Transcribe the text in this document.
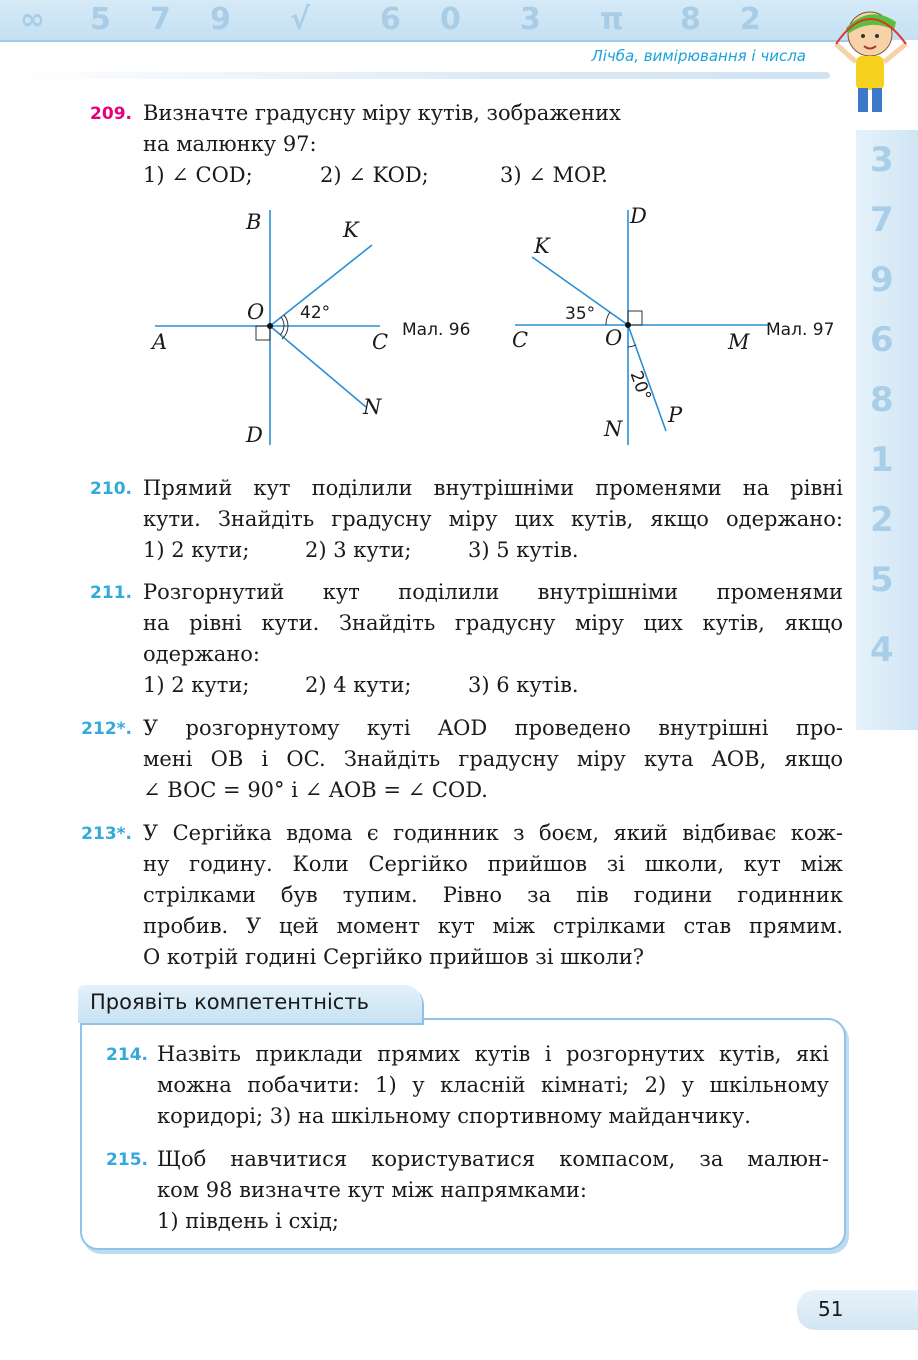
∞ 5 7 9 √ 6 0 3 π 8 2
Лічба, вимірювання і числа
3
7
9
6
8
1
2
5
4
209. Визначте градусну міру кутів, зображених
на малюнку 97:
1) ∠ COD;	2) ∠ KOD;	3) ∠ MOP.
B	K
O 42°
A	C Мал. 96
N
D
D
K
35°
C	O	M Мал. 97
20°
P
N
210. Прямий кут поділили внутрішніми променями на рівні
кути. Знайдіть градусну міру цих кутів, якщо одержано:
1) 2 кути;	2) 3 кути;	3) 5 кутів.
211. Розгорнутий кут поділили внутрішніми променями
на рівні кути. Знайдіть градусну міру цих кутів, якщо
одержано:
1) 2 кути;	2) 4 кути;	3) 6 кутів.
212*. У розгорнутому куті AOD проведено внутрішні про-
мені OB і OC. Знайдіть градусну міру кута AOB, якщо
∠ BOC = 90° і ∠ AOB = ∠ COD.
213*. У Сергійка вдома є годинник з боєм, який відбиває кож-
ну годину. Коли Сергійко прийшов зі школи, кут між
стрілками був тупим. Рівно за пів години годинник
пробив. У цей момент кут між стрілками став прямим.
О котрій годині Сергійко прийшов зі школи?
Проявіть компетентність
214. Назвіть приклади прямих кутів і розгорнутих кутів, які
можна побачити: 1) у класній кімнаті; 2) у шкільному
коридорі; 3) на шкільному спортивному майданчику.
215. Щоб навчитися користуватися компасом, за малюн-
ком 98 визначте кут між напрямками:
1) південь і схід;
51
